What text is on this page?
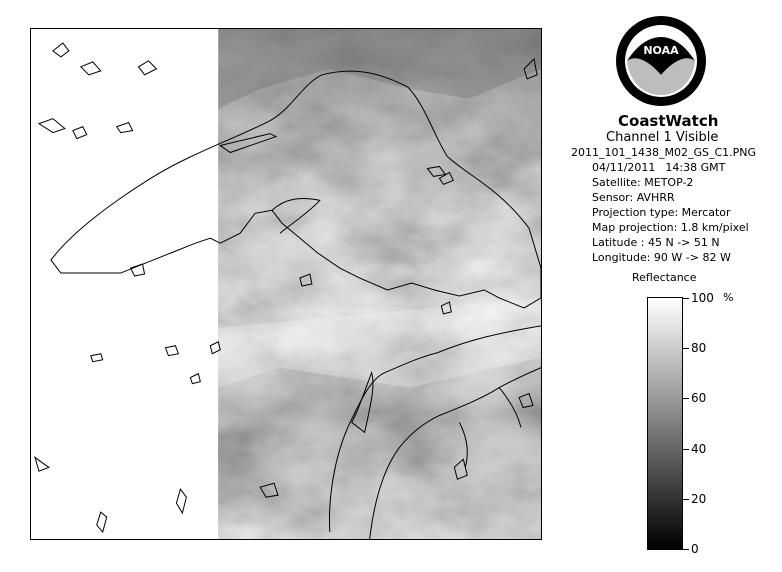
NOAA
CoastWatch
Channel 1 Visible
2011_101_1438_M02_GS_C1.PNG
04/11/2011 14:38 GMT
Satellite: METOP-2
Sensor: AVHRR
Projection type: Mercator
Map projection: 1.8 km/pixel
Latitude : 45 N -> 51 N
Longitude: 90 W -> 82 W
Reflectance
%
0
20
40
60
80
100
